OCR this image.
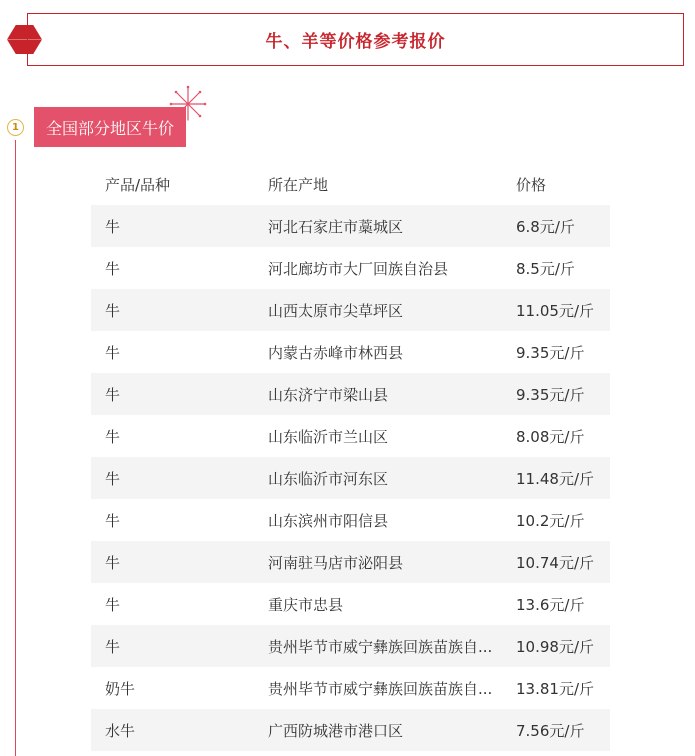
牛、羊等价格参考报价
1	全国部分地区牛价
产品/品种	所在产地	价格
牛	河北石家庄市藁城区	6.8元/斤
牛	河北廊坊市大厂回族自治县	8.5元/斤
牛	山西太原市尖草坪区	11.05元/斤
牛	内蒙古赤峰市林西县	9.35元/斤
牛	山东济宁市梁山县	9.35元/斤
牛	山东临沂市兰山区	8.08元/斤
牛	山东临沂市河东区	11.48元/斤
牛	山东滨州市阳信县	10.2元/斤
牛	河南驻马店市泌阳县	10.74元/斤
牛	重庆市忠县	13.6元/斤
牛	贵州毕节市威宁彝族回族苗族自...	10.98元/斤
奶牛	贵州毕节市威宁彝族回族苗族自...	13.81元/斤
水牛	广西防城港市港口区	7.56元/斤
